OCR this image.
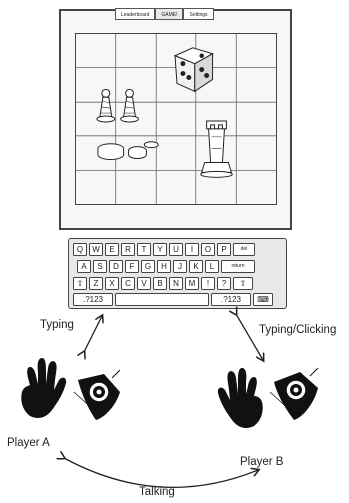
Leaderboard	GAME!	Settings
Q	W	E	R	T	Y	U	I	O	P	del
A	S	D	F	G	H	J	K	L	return
⇧	Z	X	C	V	B	N	M	!	?	⇧
.?123	.?123	⌨
Typing	Typing/Clicking
Player A
Player B
Talking
